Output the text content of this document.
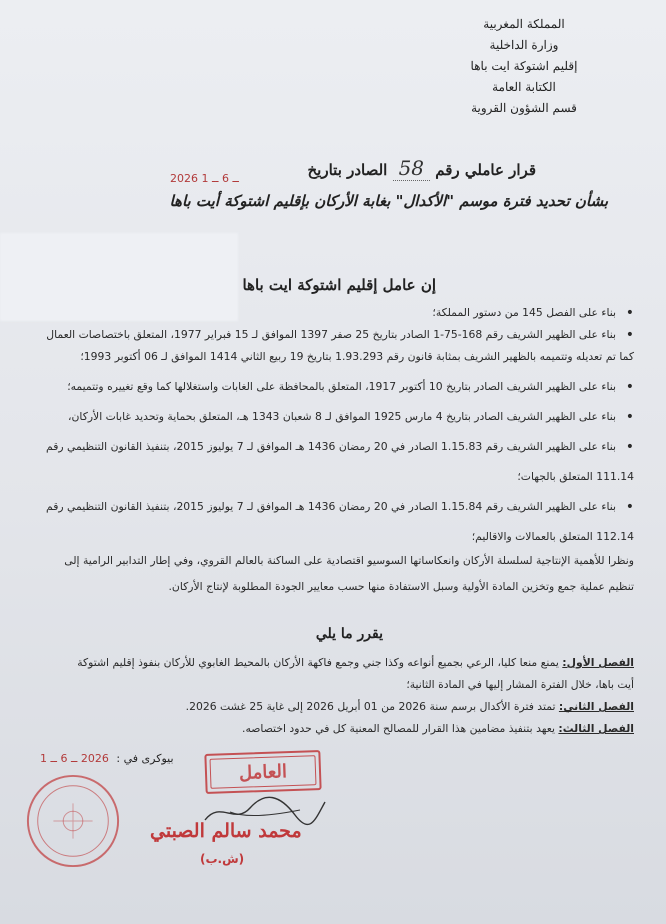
المملكة المغربية
وزارة الداخلية
إقليم اشتوكة ايت باها
الكتابة العامة
قسم الشؤون القروية
قرار عاملي رقم 58 الصادر بتاريخ
2026 ــ 6 ــ 1
بشأن تحديد فترة موسم "الأكدال" بغابة الأركان بإقليم اشتوكة أيت باها
إن عامل إقليم اشتوكة ايت باها
• بناء على الفصل 145 من دستور المملكة؛
• بناء على الظهير الشريف رقم 168-75-1 الصادر بتاريخ 25 صفر 1397 الموافق لـ 15 فبراير 1977، المتعلق باختصاصات العمال
كما تم تعديله وتتميمه بالظهير الشريف بمثابة قانون رقم 1.93.293 بتاريخ 19 ربيع الثاني 1414 الموافق لـ 06 أكتوبر 1993؛
• بناء على الظهير الشريف الصادر بتاريخ 10 أكتوبر 1917، المتعلق بالمحافظة على الغابات واستغلالها كما وقع تغييره وتتميمه؛
• بناء على الظهير الشريف الصادر بتاريخ 4 مارس 1925 الموافق لـ 8 شعبان 1343 هـ، المتعلق بحماية وتحديد غابات الأركان،
• بناء على الظهير الشريف رقم 1.15.83 الصادر في 20 رمضان 1436 هـ الموافق لـ 7 يوليوز 2015، بتنفيذ القانون التنظيمي رقم
111.14 المتعلق بالجهات؛
• بناء على الظهير الشريف رقم 1.15.84 الصادر في 20 رمضان 1436 هـ الموافق لـ 7 يوليوز 2015، بتنفيذ القانون التنظيمي رقم
112.14 المتعلق بالعمالات والاقاليم؛
ونظرا للأهمية الإنتاجية لسلسلة الأركان وانعكاساتها السوسيو اقتصادية على الساكنة بالعالم القروي، وفي إطار التدابير الرامية إلى
تنظيم عملية جمع وتخزين المادة الأولية وسبل الاستفادة منها حسب معايير الجودة المطلوبة لإنتاج الأركان.
يقرر ما يلي
الفصل الأول: يمنع منعا كليا، الرعي بجميع أنواعه وكذا جني وجمع فاكهة الأركان بالمحيط الغابوي للأركان بنفوذ إقليم اشتوكة
أيت باها، خلال الفترة المشار إليها في المادة الثانية؛
الفصل الثاني: تمتد فترة الأكدال برسم سنة 2026 من 01 أبريل 2026 إلى غاية 25 غشت 2026.
الفصل الثالث: يعهد بتنفيذ مضامين هذا القرار للمصالح المعنية كل في حدود اختصاصه.
بيوكرى في : 2026 ــ 6 ــ 1
العامل
محمد سالم الصبتي
(ش.ب)
